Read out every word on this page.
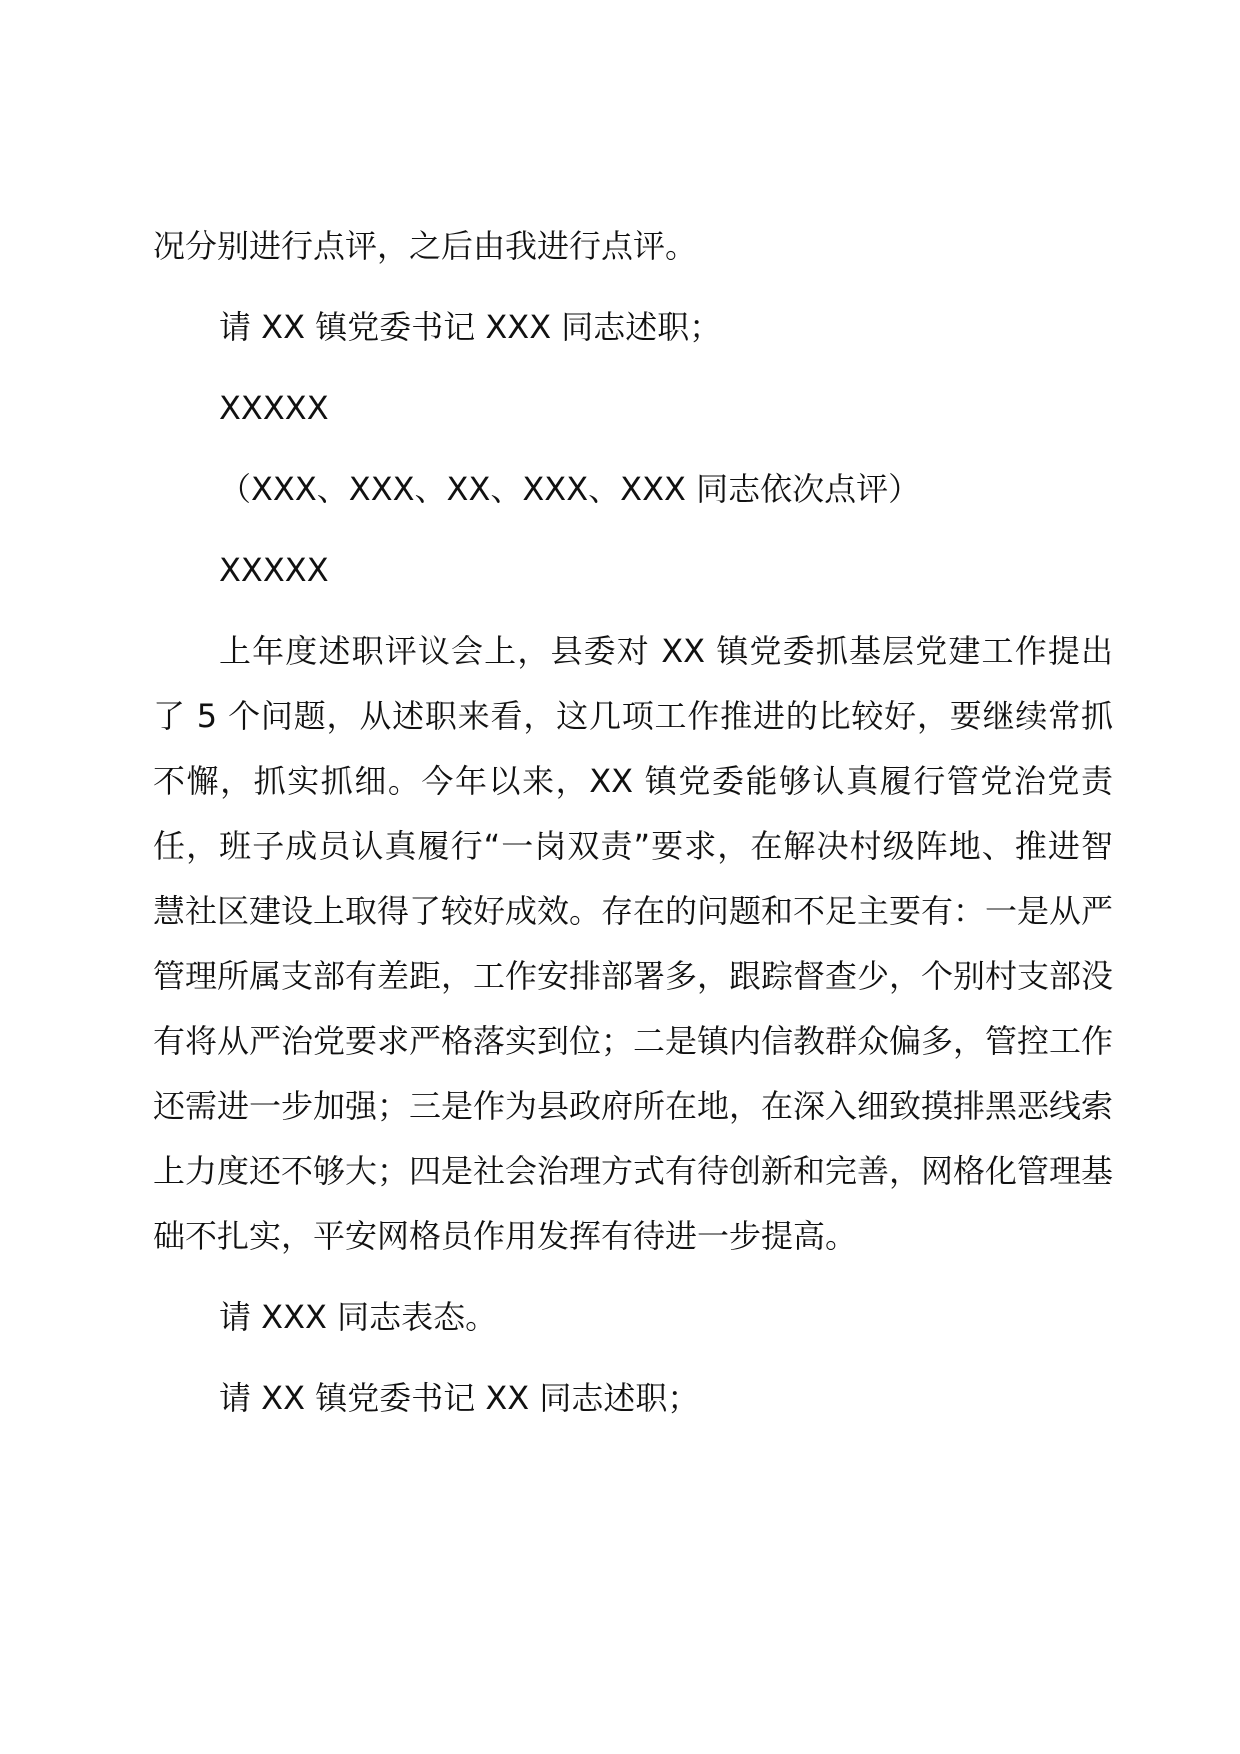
况分别进行点评，之后由我进行点评。

请 XX 镇党委书记 XXX 同志述职；

XXXXX

（XXX、XXX、XX、XXX、XXX 同志依次点评）

XXXXX

上年度述职评议会上，县委对 XX 镇党委抓基层党建工作提出了 5 个问题，从述职来看，这几项工作推进的比较好，要继续常抓不懈，抓实抓细。今年以来，XX 镇党委能够认真履行管党治党责任，班子成员认真履行“一岗双责”要求，在解决村级阵地、推进智慧社区建设上取得了较好成效。存在的问题和不足主要有：一是从严管理所属支部有差距，工作安排部署多，跟踪督查少，个别村支部没有将从严治党要求严格落实到位；二是镇内信教群众偏多，管控工作还需进一步加强；三是作为县政府所在地，在深入细致摸排黑恶线索上力度还不够大；四是社会治理方式有待创新和完善，网格化管理基础不扎实，平安网格员作用发挥有待进一步提高。

请 XXX 同志表态。

请 XX 镇党委书记 XX 同志述职；
